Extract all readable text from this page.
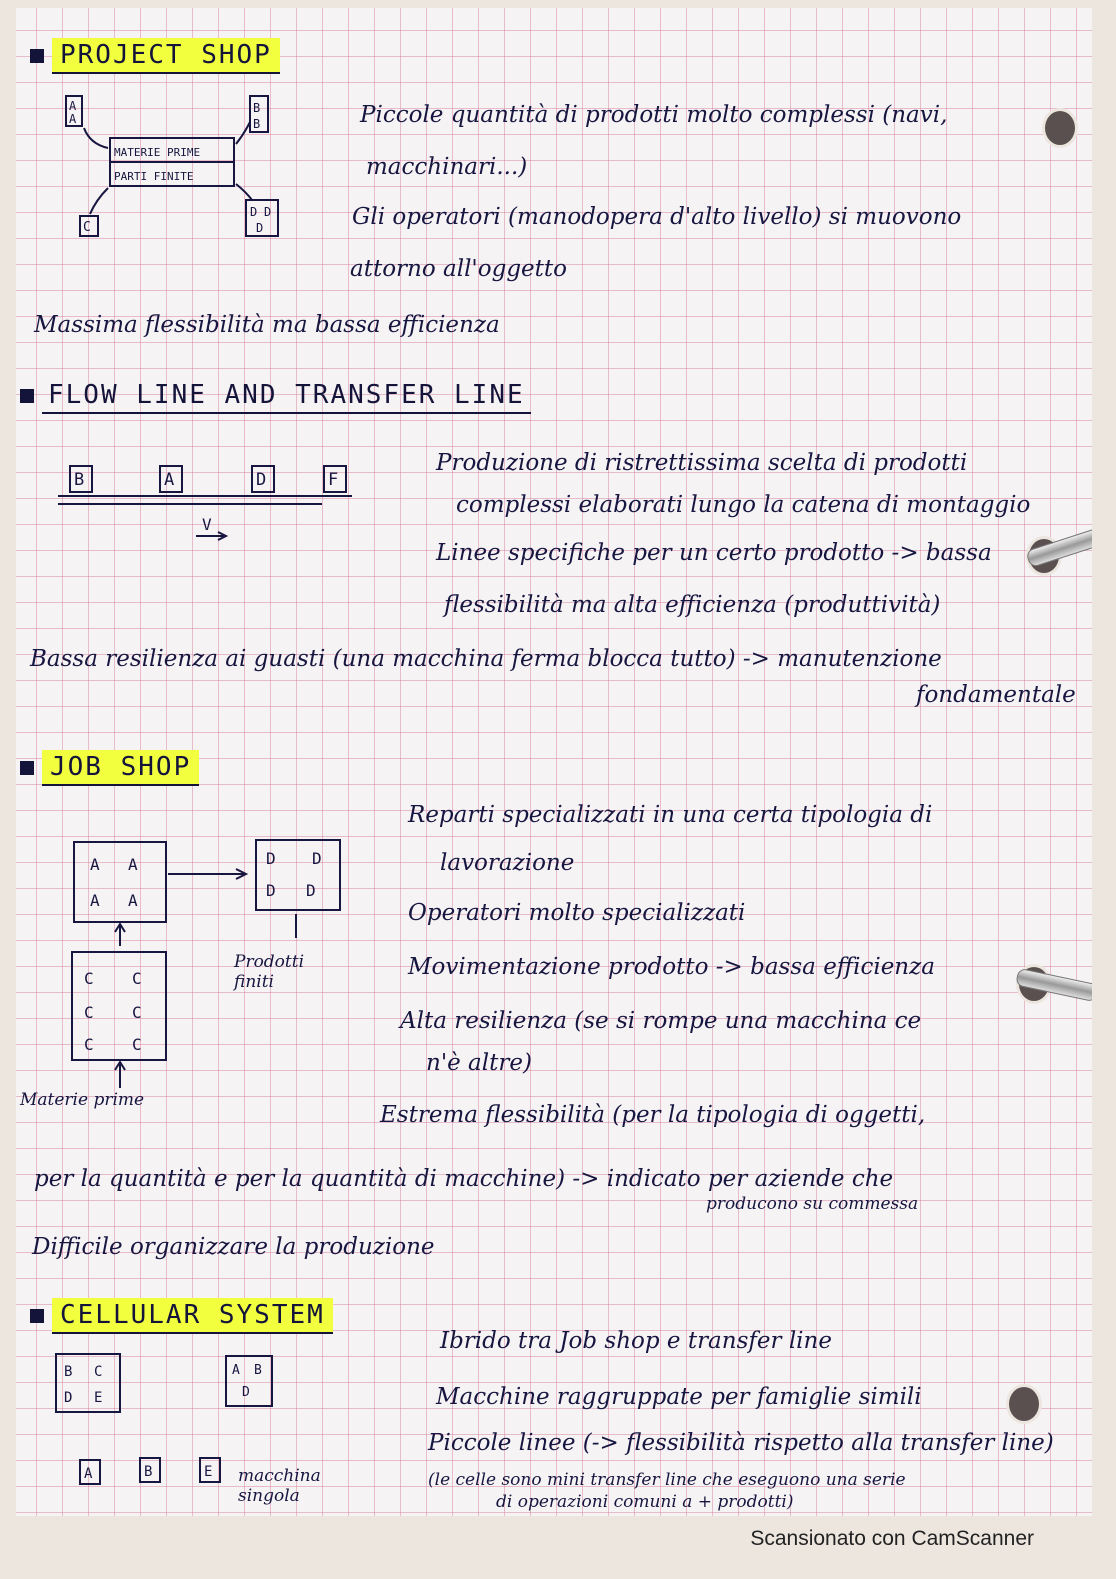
PROJECT SHOP
A
A
B
B
MATERIE PRIME
PARTI FINITE
C
D D
D
Piccole quantità di prodotti molto complessi (navi,
macchinari...)
Gli operatori (manodopera d'alto livello) si muovono
attorno all'oggetto
Massima flessibilità ma bassa efficienza
FLOW LINE AND TRANSFER LINE
B	A	D	F
V
Produzione di ristrettissima scelta di prodotti
complessi elaborati lungo la catena di montaggio
Linee specifiche per un certo prodotto -> bassa
flessibilità ma alta efficienza (produttività)
Bassa resilienza ai guasti (una macchina ferma blocca tutto) -> manutenzione
fondamentale
JOB SHOP
A A
A A
D D
D D
C C
C C
C C
Prodotti finiti
Materie prime
Reparti specializzati in una certa tipologia di
lavorazione
Operatori molto specializzati
Movimentazione prodotto -> bassa efficienza
Alta resilienza (se si rompe una macchina ce
n'è altre)
Estrema flessibilità (per la tipologia di oggetti,
per la quantità e per la quantità di macchine) -> indicato per aziende che
producono su commessa
Difficile organizzare la produzione
CELLULAR SYSTEM
B C
D E
A B
D
A	B	E macchina singola
Ibrido tra Job shop e transfer line
Macchine raggruppate per famiglie simili
Piccole linee (-> flessibilità rispetto alla transfer line)
(le celle sono mini transfer line che eseguono una serie
di operazioni comuni a + prodotti)
Scansionato con CamScanner
